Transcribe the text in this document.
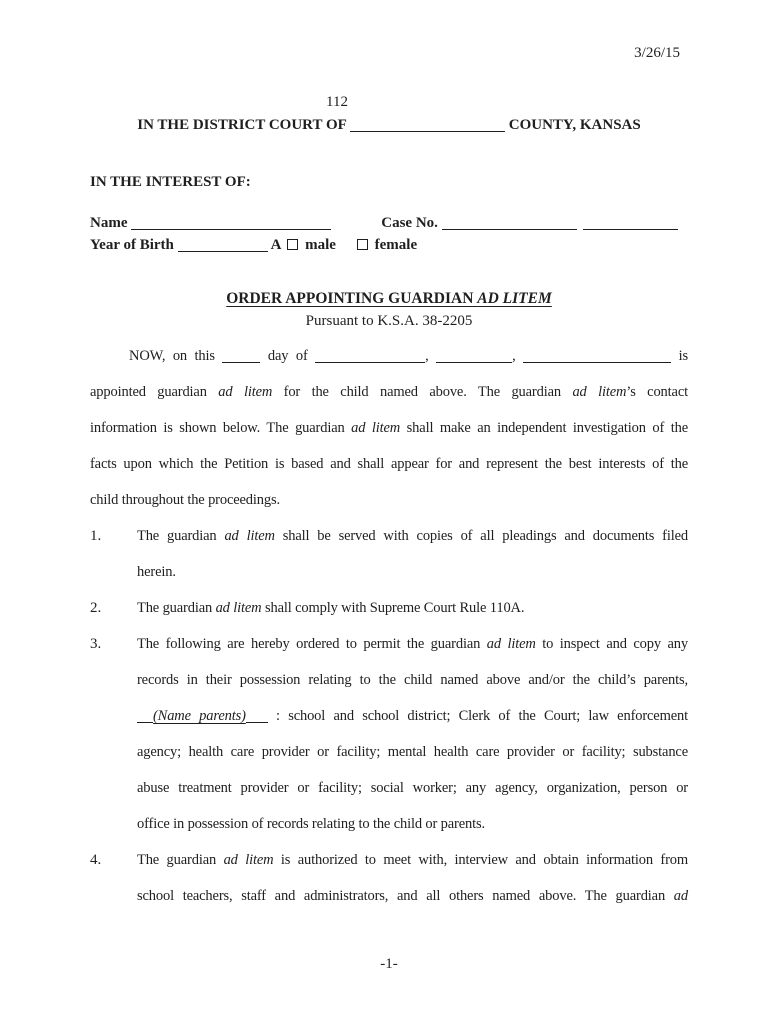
3/26/15
112
IN THE DISTRICT COURT OF	COUNTY, KANSAS
IN THE INTEREST OF:
Name	Case No.
Year of Birth	A  male female
ORDER APPOINTING GUARDIAN AD LITEM
Pursuant to K.S.A. 38-2205
NOW, on this	day of	,	,	is
appointed guardian ad litem for the child named above. The guardian ad litem’s contact
information is shown below. The guardian ad litem shall make an independent investigation of the
facts upon which the Petition is based and shall appear for and represent the best interests of the
child throughout the proceedings.
1. The guardian ad litem shall be served with copies of all pleadings and documents filed
herein.
2. The guardian ad litem shall comply with Supreme Court Rule 110A.
3. The following are hereby ordered to permit the guardian ad litem to inspect and copy any
records in their possession relating to the child named above and/or the child’s parents,
(Name parents) : school and school district; Clerk of the Court; law enforcement
agency; health care provider or facility; mental health care provider or facility; substance
abuse treatment provider or facility; social worker; any agency, organization, person or
office in possession of records relating to the child or parents.
4. The guardian ad litem is authorized to meet with, interview and obtain information from
school teachers, staff and administrators, and all others named above. The guardian ad
-1-
